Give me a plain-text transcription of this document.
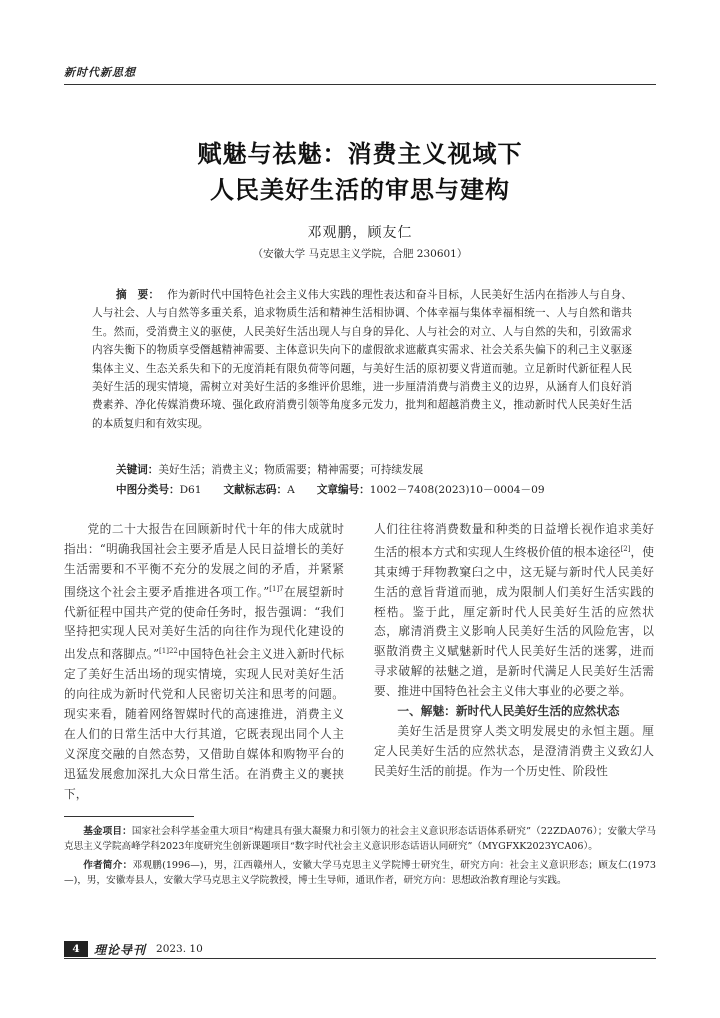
新时代新思想
赋魅与祛魅：消费主义视域下
人民美好生活的审思与建构
邓观鹏，顾友仁
（安徽大学 马克思主义学院，合肥 230601）
摘　要： 作为新时代中国特色社会主义伟大实践的理性表达和奋斗目标，人民美好生活内在指涉人与自身、人与社会、人与自然等多重关系，追求物质生活和精神生活相协调、个体幸福与集体幸福相统一、人与自然和谐共生。然而，受消费主义的驱使，人民美好生活出现人与自身的异化、人与社会的对立、人与自然的失和，引致需求内容失衡下的物质享受僭越精神需要、主体意识失向下的虚假欲求遮蔽真实需求、社会关系失偏下的利己主义驱逐集体主义、生态关系失和下的无度消耗有限负荷等问题，与美好生活的原初要义背道而驰。立足新时代新征程人民美好生活的现实情境，需树立对美好生活的多维评价思维，进一步厘清消费与消费主义的边界，从涵育人们良好消费素养、净化传媒消费环境、强化政府消费引领等角度多元发力，批判和超越消费主义，推动新时代人民美好生活的本质复归和有效实现。
关键词：美好生活；消费主义；物质需要；精神需要；可持续发展
中图分类号：D61 文献标志码：A 文章编号：1002－7408(2023)10－0004－09

党的二十大报告在回顾新时代十年的伟大成就时指出：“明确我国社会主要矛盾是人民日益增长的美好生活需要和不平衡不充分的发展之间的矛盾，并紧紧围绕这个社会主要矛盾推进各项工作。”$^{[1]7}$在展望新时代新征程中国共产党的使命任务时，报告强调：“我们坚持把实现人民对美好生活的向往作为现代化建设的出发点和落脚点。”$^{[1]22}$中国特色社会主义进入新时代标定了美好生活出场的现实情境，实现人民对美好生活的向往成为新时代党和人民密切关注和思考的问题。现实来看，随着网络智媒时代的高速推进，消费主义在人们的日常生活中大行其道，它既表现出同个人主义深度交融的自然态势，又借助自媒体和购物平台的迅猛发展愈加深扎大众日常生活。在消费主义的裹挟下，

人们往往将消费数量和种类的日益增长视作追求美好生活的根本方式和实现人生终极价值的根本途径[2]，使其束缚于拜物教窠臼之中，这无疑与新时代人民美好生活的意旨背道而驰，成为限制人们美好生活实践的桎梏。鉴于此，厘定新时代人民美好生活的应然状态，廓清消费主义影响人民美好生活的风险危害，以驱散消费主义赋魅新时代人民美好生活的迷雾，进而寻求破解的祛魅之道，是新时代满足人民美好生活需要、推进中国特色社会主义伟大事业的必要之举。

一、解魅：新时代人民美好生活的应然状态

美好生活是贯穿人类文明发展史的永恒主题。厘定人民美好生活的应然状态，是澄清消费主义致幻人民美好生活的前提。作为一个历史性、阶段性

基金项目：国家社会科学基金重大项目“构建具有强大凝聚力和引领力的社会主义意识形态话语体系研究”（22ZDA076）；安徽大学马克思主义学院高峰学科2023年度研究生创新课题项目“数字时代社会主义意识形态话语认同研究”（MYGFXK2023YCA06）。

作者简介：邓观鹏(1996—)，男，江西赣州人，安徽大学马克思主义学院博士研究生，研究方向：社会主义意识形态；顾友仁(1973—)，男，安徽寿县人，安徽大学马克思主义学院教授，博士生导师，通讯作者，研究方向：思想政治教育理论与实践。

4	理论导刊 2023. 10
